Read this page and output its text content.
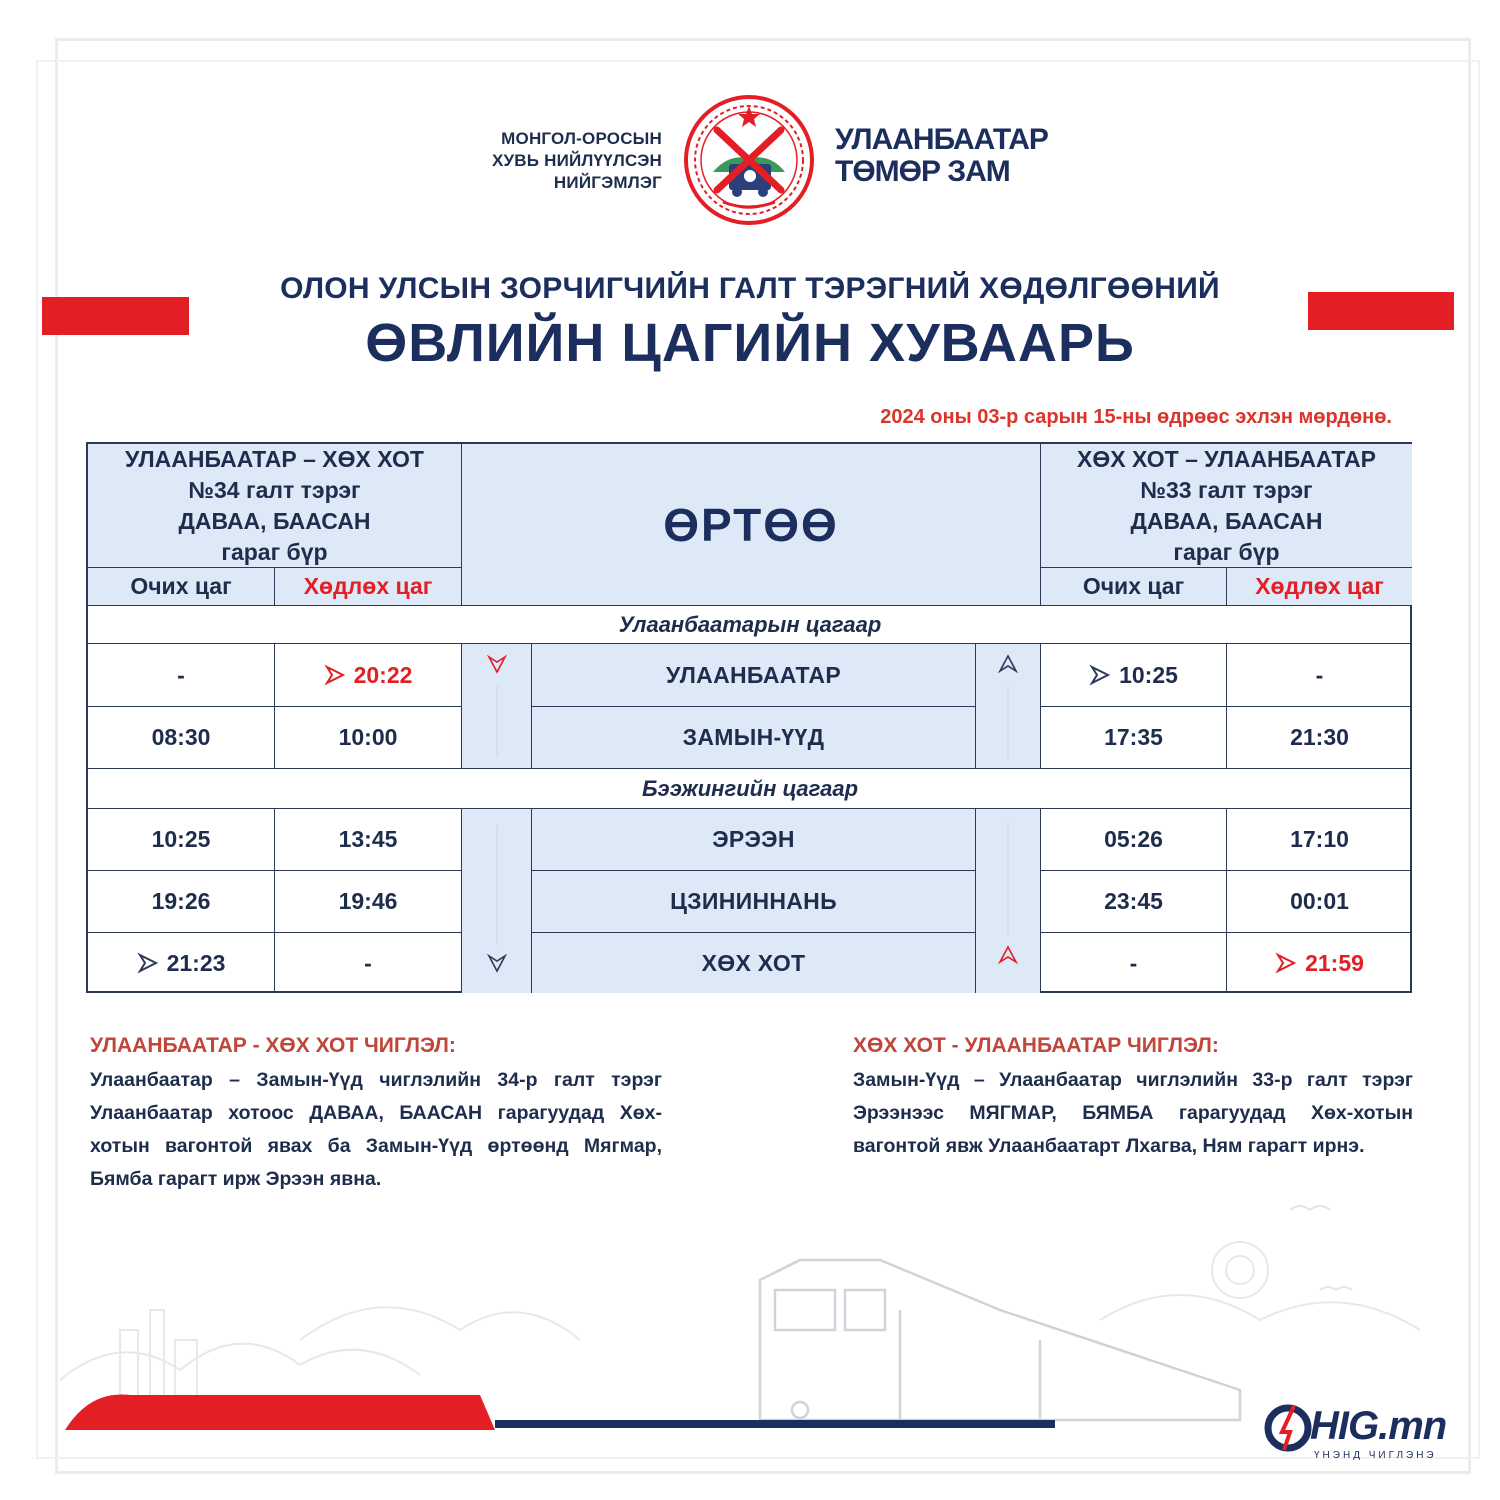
МОНГОЛ-ОРОСЫН
ХУВЬ НИЙЛҮҮЛСЭН
НИЙГЭМЛЭГ
УЛААНБААТАР
ТӨМӨР ЗАМ
ОЛОН УЛСЫН ЗОРЧИГЧИЙН ГАЛТ ТЭРЭГНИЙ ХӨДӨЛГӨӨНИЙ
ӨВЛИЙН ЦАГИЙН ХУВААРЬ
2024 оны 03-р сарын 15-ны өдрөөс эхлэн мөрдөнө.
УЛААНБААТАР – ХӨХ ХОТ
№34 галт тэрэг
ДАВАА, БААСАН
гараг бүр
Очих цаг	Хөдлөх цаг
ӨРТӨӨ
ХӨХ ХОТ – УЛААНБААТАР
№33 галт тэрэг
ДАВАА, БААСАН
гараг бүр
Очих цаг	Хөдлөх цаг
Улаанбаатарын цагаар
-	20:22	УЛААНБААТАР	10:25	-
08:30	10:00	ЗАМЫН-ҮҮД	17:35	21:30
Бээжингийн цагаар
10:25	13:45	ЭРЭЭН	05:26	17:10
19:26	19:46	ЦЗИНИННАНЬ	23:45	00:01
21:23	-	ХӨХ ХОТ	-	21:59
УЛААНБААТАР - ХӨХ ХОТ ЧИГЛЭЛ:
Улаанбаатар – Замын-Үүд чиглэлийн 34-р галт тэрэг Улаанбаатар хотоос ДАВАА, БААСАН гарагуудад Хөх-хотын вагонтой явах ба Замын-Үүд өртөөнд Мягмар, Бямба гарагт ирж Эрээн явна.
ХӨХ ХОТ - УЛААНБААТАР ЧИГЛЭЛ:
Замын-Үүд – Улаанбаатар чиглэлийн 33-р галт тэрэг Эрээнээс МЯГМАР, БЯМБА гарагуудад Хөх-хотын вагонтой явж Улаанбаатарт Лхагва, Ням гарагт ирнэ.
HIG.mn
ҮНЭНД ЧИГЛЭНЭ
